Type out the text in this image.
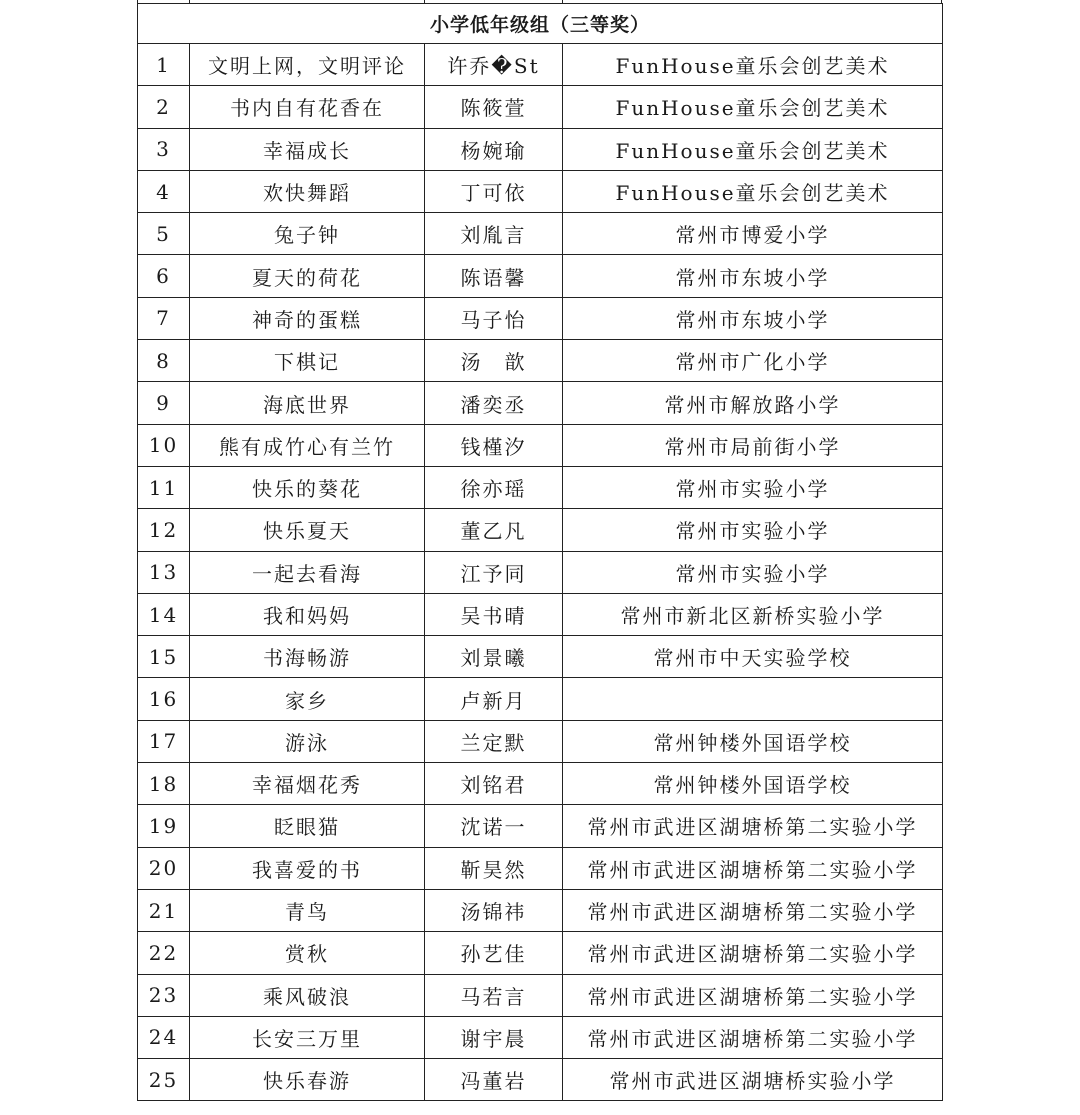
小学低年级组（三等奖）			
1	文明上网，文明评论	许乔�St	FunHouse童乐会创艺美术
2	书内自有花香在	陈筱萱	FunHouse童乐会创艺美术
3	幸福成长	杨婉瑜	FunHouse童乐会创艺美术
4	欢快舞蹈	丁可依	FunHouse童乐会创艺美术
5	兔子钟	刘胤言	常州市博爱小学
6	夏天的荷花	陈语馨	常州市东坡小学
7	神奇的蛋糕	马子怡	常州市东坡小学
8	下棋记	汤　歆	常州市广化小学
9	海底世界	潘奕丞	常州市解放路小学
10	熊有成竹心有兰竹	钱槿汐	常州市局前街小学
11	快乐的葵花	徐亦瑶	常州市实验小学
12	快乐夏天	董乙凡	常州市实验小学
13	一起去看海	江予同	常州市实验小学
14	我和妈妈	吴书晴	常州市新北区新桥实验小学
15	书海畅游	刘景曦	常州市中天实验学校
16	家乡	卢新月	
17	游泳	兰定默	常州钟楼外国语学校
18	幸福烟花秀	刘铭君	常州钟楼外国语学校
19	眨眼猫	沈诺一	常州市武进区湖塘桥第二实验小学
20	我喜爱的书	靳昊然	常州市武进区湖塘桥第二实验小学
21	青鸟	汤锦祎	常州市武进区湖塘桥第二实验小学
22	赏秋	孙艺佳	常州市武进区湖塘桥第二实验小学
23	乘风破浪	马若言	常州市武进区湖塘桥第二实验小学
24	长安三万里	谢宇晨	常州市武进区湖塘桥第二实验小学
25	快乐春游	冯董岩	常州市武进区湖塘桥实验小学
